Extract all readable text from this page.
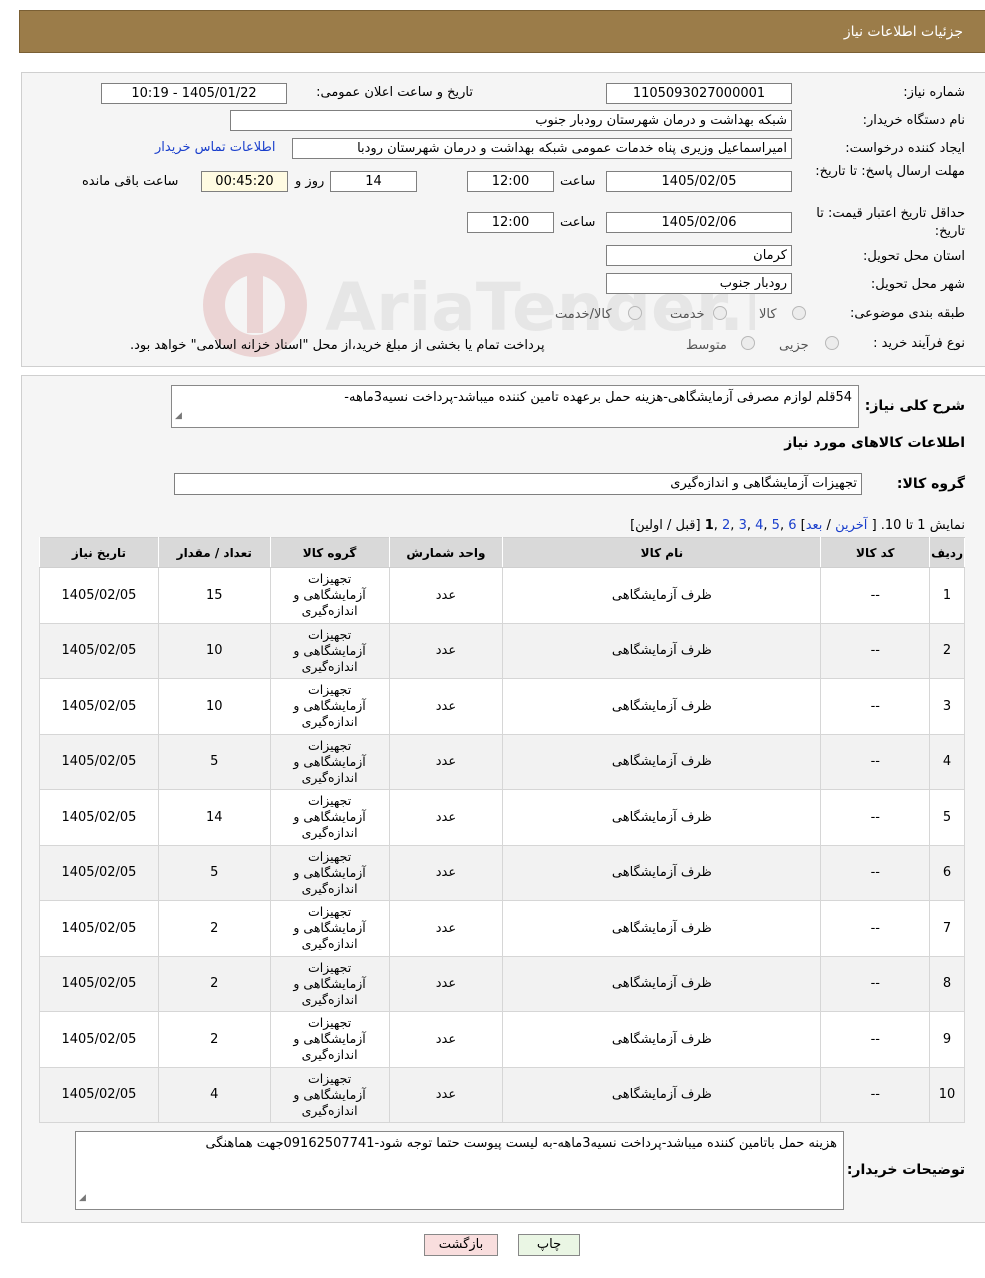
جزئیات اطلاعات نیاز
شماره نیاز:
1105093027000001
تاریخ و ساعت اعلان عمومی:
1405/01/22 - 10:19
نام دستگاه خریدار:
شبکه بهداشت و درمان شهرستان رودبار جنوب
ایجاد کننده درخواست:
امیراسماعیل وزیری پناه خدمات عمومی شبکه بهداشت و درمان شهرستان رودبا
اطلاعات تماس خریدار
مهلت ارسال پاسخ: تا تاریخ:
1405/02/05
ساعت
12:00
14
روز و
00:45:20
ساعت باقی مانده
حداقل تاریخ اعتبار قیمت: تا تاریخ:
1405/02/06
ساعت
12:00
استان محل تحویل:
کرمان
شهر محل تحویل:
رودبار جنوب
طبقه بندی موضوعی:
کالا
خدمت
کالا/خدمت
نوع فرآیند خرید :
جزیی
متوسط
پرداخت تمام یا بخشی از مبلغ خرید،از محل "اسناد خزانه اسلامی" خواهد بود.
شرح کلی نیاز:
54قلم لوازم مصرفی آزمایشگاهی-هزینه حمل برعهده تامین کننده میباشد-پرداخت نسیه3ماهه-
◢
اطلاعات کالاهای مورد نیاز
گروه کالا:
تجهیزات آزمایشگاهی و اندازه‌گیری
نمایش 1 تا 10. [ آخرین / بعد] 6 ,5 ,4 ,3 ,2 ,1 [قبل / اولین]
ردیف	کد کالا	نام کالا	واحد شمارش	گروه کالا	تعداد / مقدار	تاریخ نیاز
1	--	ظرف آزمایشگاهی	عدد	تجهیزات آزمایشگاهی و اندازه‌گیری	15	1405/02/05
2	--	ظرف آزمایشگاهی	عدد	تجهیزات آزمایشگاهی و اندازه‌گیری	10	1405/02/05
3	--	ظرف آزمایشگاهی	عدد	تجهیزات آزمایشگاهی و اندازه‌گیری	10	1405/02/05
4	--	ظرف آزمایشگاهی	عدد	تجهیزات آزمایشگاهی و اندازه‌گیری	5	1405/02/05
5	--	ظرف آزمایشگاهی	عدد	تجهیزات آزمایشگاهی و اندازه‌گیری	14	1405/02/05
6	--	ظرف آزمایشگاهی	عدد	تجهیزات آزمایشگاهی و اندازه‌گیری	5	1405/02/05
7	--	ظرف آزمایشگاهی	عدد	تجهیزات آزمایشگاهی و اندازه‌گیری	2	1405/02/05
8	--	ظرف آزمایشگاهی	عدد	تجهیزات آزمایشگاهی و اندازه‌گیری	2	1405/02/05
9	--	ظرف آزمایشگاهی	عدد	تجهیزات آزمایشگاهی و اندازه‌گیری	2	1405/02/05
10	--	ظرف آزمایشگاهی	عدد	تجهیزات آزمایشگاهی و اندازه‌گیری	4	1405/02/05
توضیحات خریدار:
هزینه حمل باتامین کننده میباشد-پرداخت نسیه3ماهه-به لیست پیوست حتما توجه شود-09162507741جهت هماهنگی
◢
چاپ
بازگشت
